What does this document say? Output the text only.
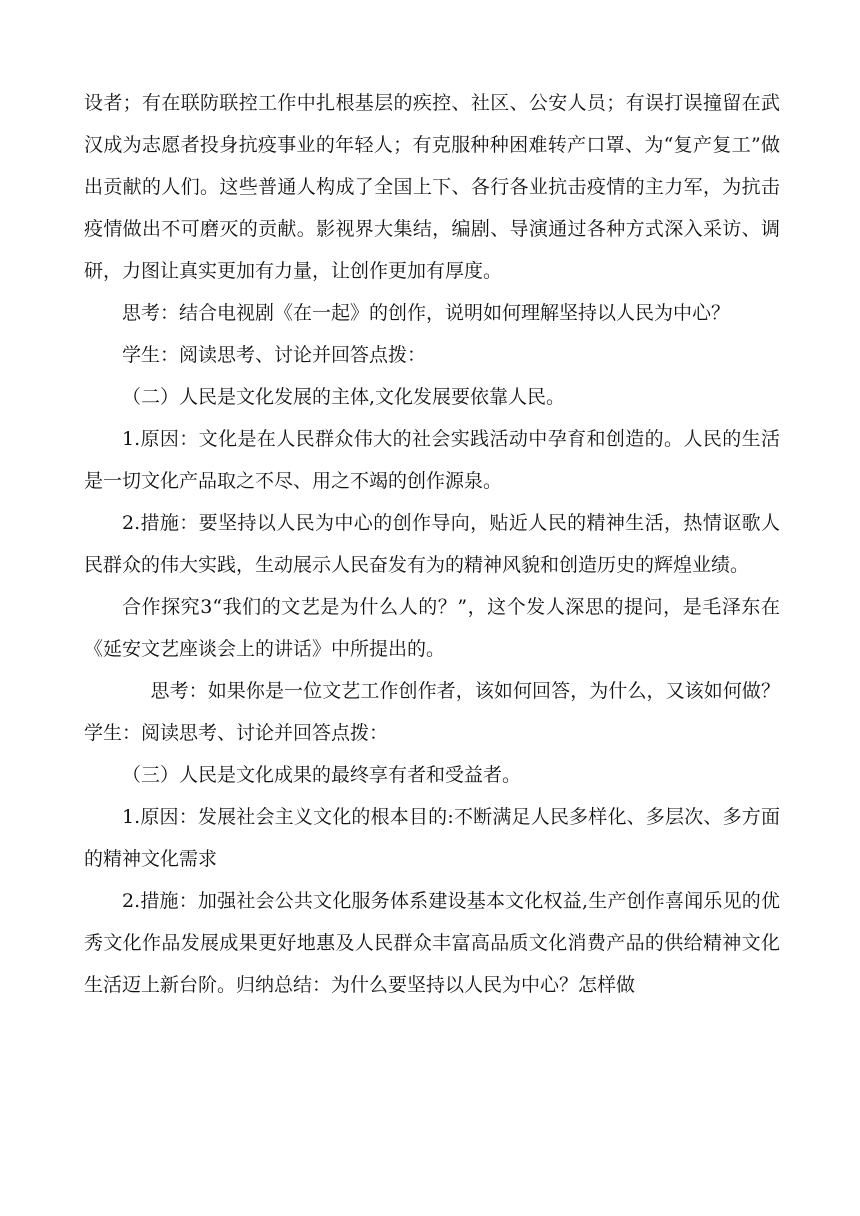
设者；有在联防联控工作中扎根基层的疾控、社区、公安人员；有误打误撞留在武汉成为志愿者投身抗疫事业的年轻人；有克服种种困难转产口罩、为“复产复工”做出贡献的人们。这些普通人构成了全国上下、各行各业抗击疫情的主力军，为抗击疫情做出不可磨灭的贡献。影视界大集结，编剧、导演通过各种方式深入采访、调研，力图让真实更加有力量，让创作更加有厚度。

思考：结合电视剧《在一起》的创作，说明如何理解坚持以人民为中心？

学生：阅读思考、讨论并回答点拨：

（二）人民是文化发展的主体,文化发展要依靠人民。

1.原因：文化是在人民群众伟大的社会实践活动中孕育和创造的。人民的生活是一切文化产品取之不尽、用之不竭的创作源泉。

2.措施：要坚持以人民为中心的创作导向，贴近人民的精神生活，热情讴歌人民群众的伟大实践，生动展示人民奋发有为的精神风貌和创造历史的辉煌业绩。

合作探究3“我们的文艺是为什么人的？”，这个发人深思的提问，是毛泽东在《延安文艺座谈会上的讲话》中所提出的。

思考：如果你是一位文艺工作创作者，该如何回答，为什么，又该如何做？学生：阅读思考、讨论并回答点拨：

（三）人民是文化成果的最终享有者和受益者。

1.原因：发展社会主义文化的根本目的:不断满足人民多样化、多层次、多方面的精神文化需求

2.措施：加强社会公共文化服务体系建设基本文化权益,生产创作喜闻乐见的优秀文化作品发展成果更好地惠及人民群众丰富高品质文化消费产品的供给精神文化生活迈上新台阶。归纳总结：为什么要坚持以人民为中心？怎样做
